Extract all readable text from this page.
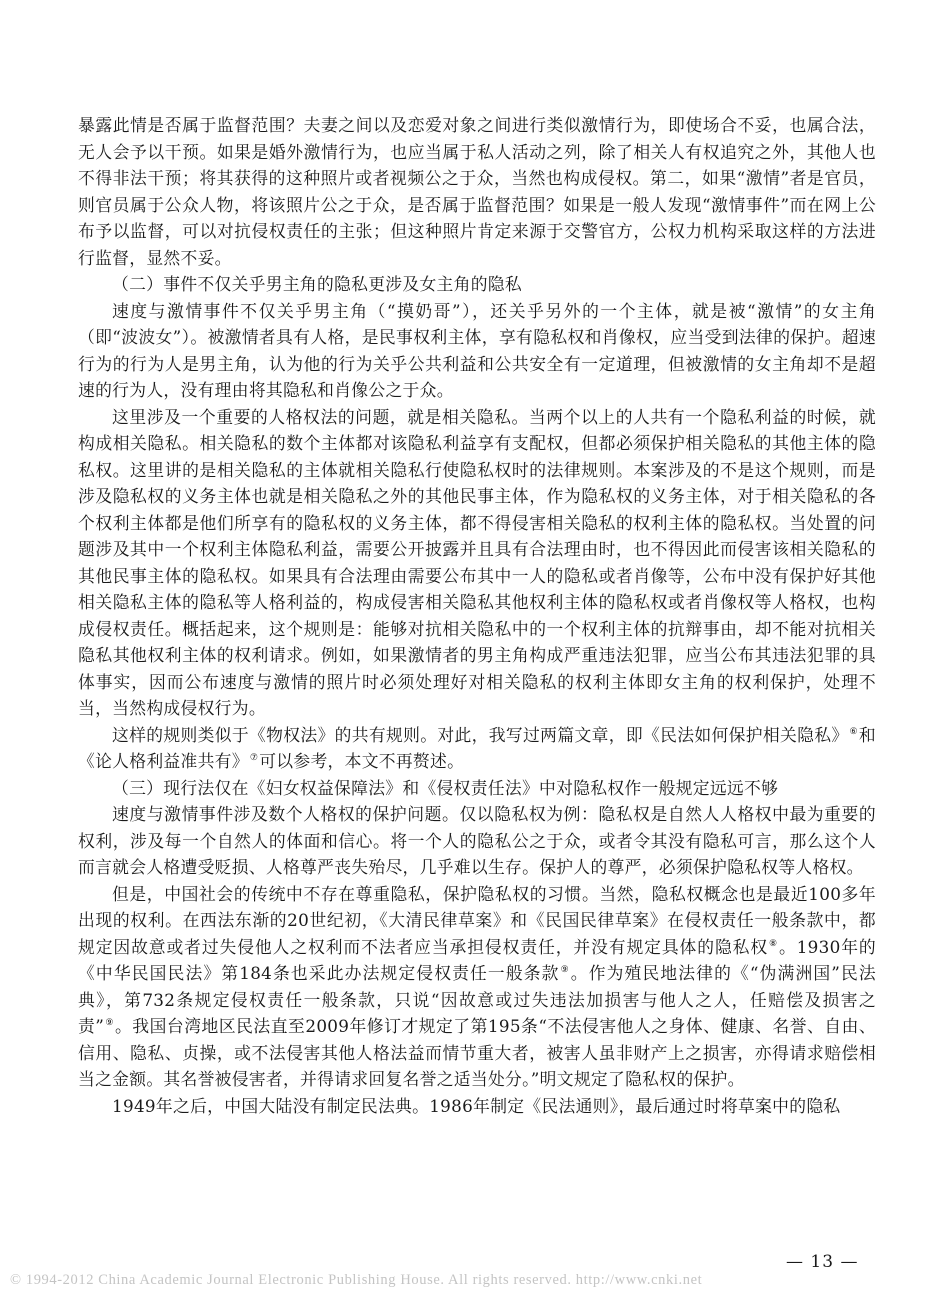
暴露此情是否属于监督范围？夫妻之间以及恋爱对象之间进行类似激情行为，即使场合不妥，也属合法，无人会予以干预。如果是婚外激情行为，也应当属于私人活动之列，除了相关人有权追究之外，其他人也不得非法干预；将其获得的这种照片或者视频公之于众，当然也构成侵权。第二，如果“激情”者是官员，则官员属于公众人物，将该照片公之于众，是否属于监督范围？如果是一般人发现“激情事件”而在网上公布予以监督，可以对抗侵权责任的主张；但这种照片肯定来源于交警官方，公权力机构采取这样的方法进行监督，显然不妥。

（二）事件不仅关乎男主角的隐私更涉及女主角的隐私

速度与激情事件不仅关乎男主角（“摸奶哥”），还关乎另外的一个主体，就是被“激情”的女主角（即“波波女”）。被激情者具有人格，是民事权利主体，享有隐私权和肖像权，应当受到法律的保护。超速行为的行为人是男主角，认为他的行为关乎公共利益和公共安全有一定道理，但被激情的女主角却不是超速的行为人，没有理由将其隐私和肖像公之于众。

这里涉及一个重要的人格权法的问题，就是相关隐私。当两个以上的人共有一个隐私利益的时候，就构成相关隐私。相关隐私的数个主体都对该隐私利益享有支配权，但都必须保护相关隐私的其他主体的隐私权。这里讲的是相关隐私的主体就相关隐私行使隐私权时的法律规则。本案涉及的不是这个规则，而是涉及隐私权的义务主体也就是相关隐私之外的其他民事主体，作为隐私权的义务主体，对于相关隐私的各个权利主体都是他们所享有的隐私权的义务主体，都不得侵害相关隐私的权利主体的隐私权。当处置的问题涉及其中一个权利主体隐私利益，需要公开披露并且具有合法理由时，也不得因此而侵害该相关隐私的其他民事主体的隐私权。如果具有合法理由需要公布其中一人的隐私或者肖像等，公布中没有保护好其他相关隐私主体的隐私等人格利益的，构成侵害相关隐私其他权利主体的隐私权或者肖像权等人格权，也构成侵权责任。概括起来，这个规则是：能够对抗相关隐私中的一个权利主体的抗辩事由，却不能对抗相关隐私其他权利主体的权利请求。例如，如果激情者的男主角构成严重违法犯罪，应当公布其违法犯罪的具体事实，因而公布速度与激情的照片时必须处理好对相关隐私的权利主体即女主角的权利保护，处理不当，当然构成侵权行为。

这样的规则类似于《物权法》的共有规则。对此，我写过两篇文章，即《民法如何保护相关隐私》⑥和《论人格利益准共有》⑦可以参考，本文不再赘述。

（三）现行法仅在《妇女权益保障法》和《侵权责任法》中对隐私权作一般规定远远不够

速度与激情事件涉及数个人格权的保护问题。仅以隐私权为例：隐私权是自然人人格权中最为重要的权利，涉及每一个自然人的体面和信心。将一个人的隐私公之于众，或者令其没有隐私可言，那么这个人而言就会人格遭受贬损、人格尊严丧失殆尽，几乎难以生存。保护人的尊严，必须保护隐私权等人格权。

但是，中国社会的传统中不存在尊重隐私，保护隐私权的习惯。当然，隐私权概念也是最近100多年出现的权利。在西法东渐的20世纪初，《大清民律草案》和《民国民律草案》在侵权责任一般条款中，都规定因故意或者过失侵他人之权利而不法者应当承担侵权责任，并没有规定具体的隐私权⑧。1930年的《中华民国民法》第184条也采此办法规定侵权责任一般条款⑨。作为殖民地法律的《“伪满洲国”民法典》，第732条规定侵权责任一般条款，只说“因故意或过失违法加损害与他人之人，任赔偿及损害之责”⑨。我国台湾地区民法直至2009年修订才规定了第195条“不法侵害他人之身体、健康、名誉、自由、信用、隐私、贞操，或不法侵害其他人格法益而情节重大者，被害人虽非财产上之损害，亦得请求赔偿相当之金额。其名誉被侵害者，并得请求回复名誉之适当处分。”明文规定了隐私权的保护。

1949年之后，中国大陆没有制定民法典。1986年制定《民法通则》，最后通过时将草案中的隐私

— 13 —
© 1994-2012 China Academic Journal Electronic Publishing House. All rights reserved. http://www.cnki.net
